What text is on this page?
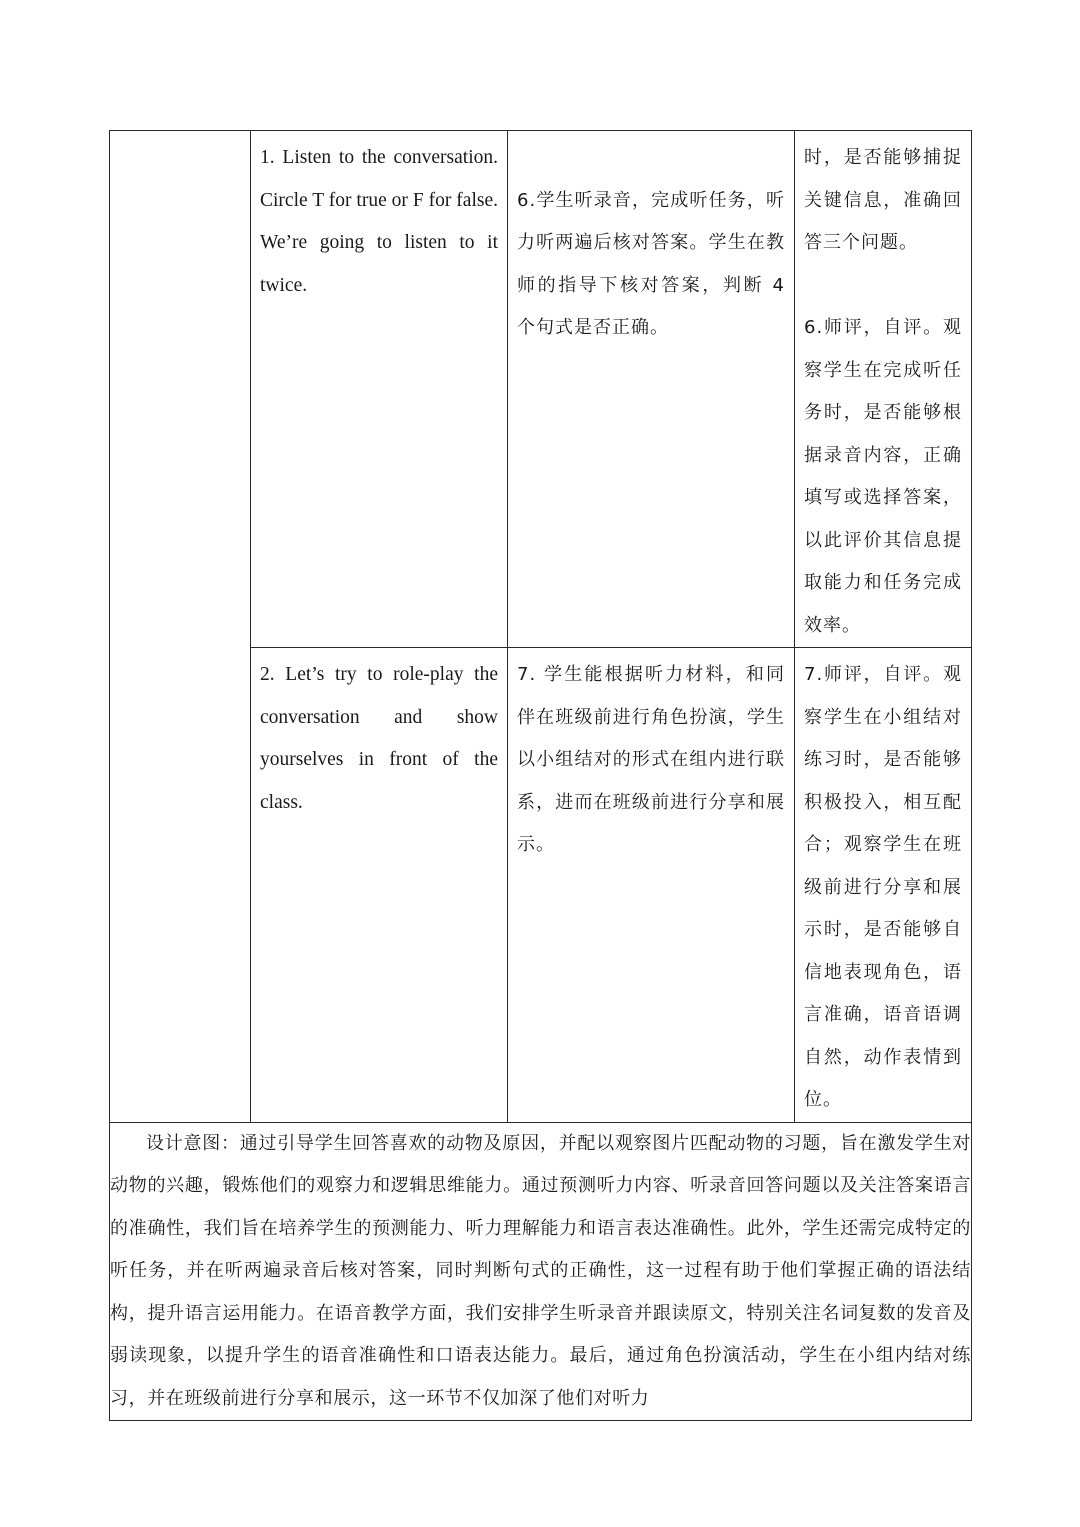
	1. Listen to the conversation. Circle T for true or F for false. We’re going to listen to it twice.	6.学生听录音，完成听任务，听力听两遍后核对答案。学生在教师的指导下核对答案，判断 4 个句式是否正确。	时，是否能够捕捉关键信息，准确回答三个问题。

6.师评，自评。观察学生在完成听任务时，是否能够根据录音内容，正确填写或选择答案，以此评价其信息提取能力和任务完成效率。

	2. Let’s try to role-play the conversation and show yourselves in front of the class.	7. 学生能根据听力材料，和同伴在班级前进行角色扮演，学生以小组结对的形式在组内进行联系，进而在班级前进行分享和展示。	7.师评，自评。观察学生在小组结对练习时，是否能够积极投入，相互配合；观察学生在班级前进行分享和展示时，是否能够自信地表现角色，语言准确，语音语调自然，动作表情到位。

设计意图：通过引导学生回答喜欢的动物及原因，并配以观察图片匹配动物的习题，旨在激发学生对动物的兴趣，锻炼他们的观察力和逻辑思维能力。通过预测听力内容、听录音回答问题以及关注答案语言的准确性，我们旨在培养学生的预测能力、听力理解能力和语言表达准确性。此外，学生还需完成特定的听任务，并在听两遍录音后核对答案，同时判断句式的正确性，这一过程有助于他们掌握正确的语法结构，提升语言运用能力。在语音教学方面，我们安排学生听录音并跟读原文，特别关注名词复数的发音及弱读现象，以提升学生的语音准确性和口语表达能力。最后，通过角色扮演活动，学生在小组内结对练习，并在班级前进行分享和展示，这一环节不仅加深了他们对听力			
